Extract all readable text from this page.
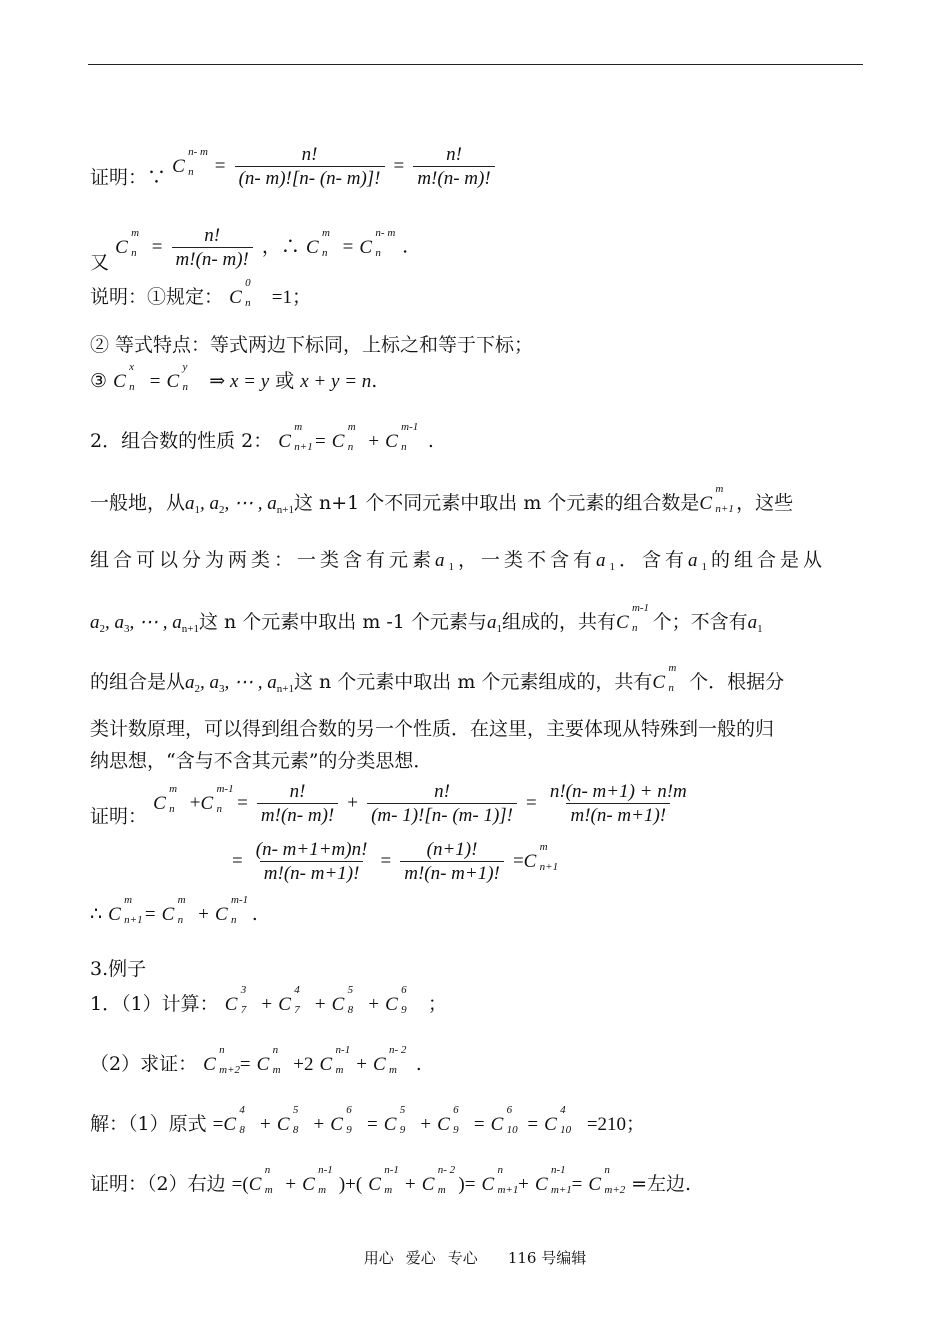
证明：∵ C
n- m
$n = \frac{n!}{(n- m)![n- (n- m)]!} = \frac{n!}{m!(n- m)!}$
又 C
m
$n = \frac{n!}{m!(n- m)!}$ ，∴ C
m
n = C
n- m
n .
说明：①规定： C
0
n =1；
② 等式特点：等式两边下标同，上标之和等于下标；
③ C
x
n = C
y
n ⇒ x = y 或 x + y = n.
2．组合数的性质 2： C
m
n+1 = C
m
n + C
m-1
n .
一般地，从$a_1$, $a_2$, ⋯ , $a_{n+1}$这 n+1 个不同元素中取出 m 个元素的组合数是C
m
n+1 ，这些
组合可以分为两类：一类含有元素$a_1$，一类不含有$a_1$．含有$a_1$的组合是从
$a_2$, $a_3$, ⋯ , $a_{n+1}$这 n 个元素中取出 m -1 个元素与$a_1$组成的，共有C
m-1
n 个；不含有$a_1$
的组合是从$a_2$, $a_3$, ⋯ , $a_{n+1}$这 n 个元素中取出 m 个元素组成的，共有C
m
n 个．根据分
类计数原理，可以得到组合数的另一个性质．在这里，主要体现从特殊到一般的归
纳思想，“含与不含其元素”的分类思想．
证明： C
m
n +C
m-1
$n = \frac{n!}{m!(n- m)!} + \frac{n!}{(m- 1)![n- (m- 1)]!} = \frac{n!(n- m+1) + n!m}{m!(n- m+1)!}$
= $\frac{(n- m+1+m)n!}{m!(n- m+1)!} = \frac{(n+1)!}{m!(n- m+1)!} =C$
m
n+1
∴ C
m
n+1 = C
m
n + C
m-1
n .
3.例子
1．（1）计算： C
3
7 + C
4
7 + C
5
8 + C
6
9 ；
（2）求证： C
n
m+2 = C
n
m +2 C
n-1
m + C
n- 2
m .
解：（1）原式 =C
4
8 + C
5
8 + C
6
9 = C
5
9 + C
6
9 = C
6
10 = C
4
10 =210；
证明：（2）右边 =(C
n
m + C
n-1
m )+( C
n-1
m + C
n- 2
m )= C
n
m+1 + C
n-1
m+1 = C
n
m+2 =左边.
用心 爱心 专心 116 号编辑
